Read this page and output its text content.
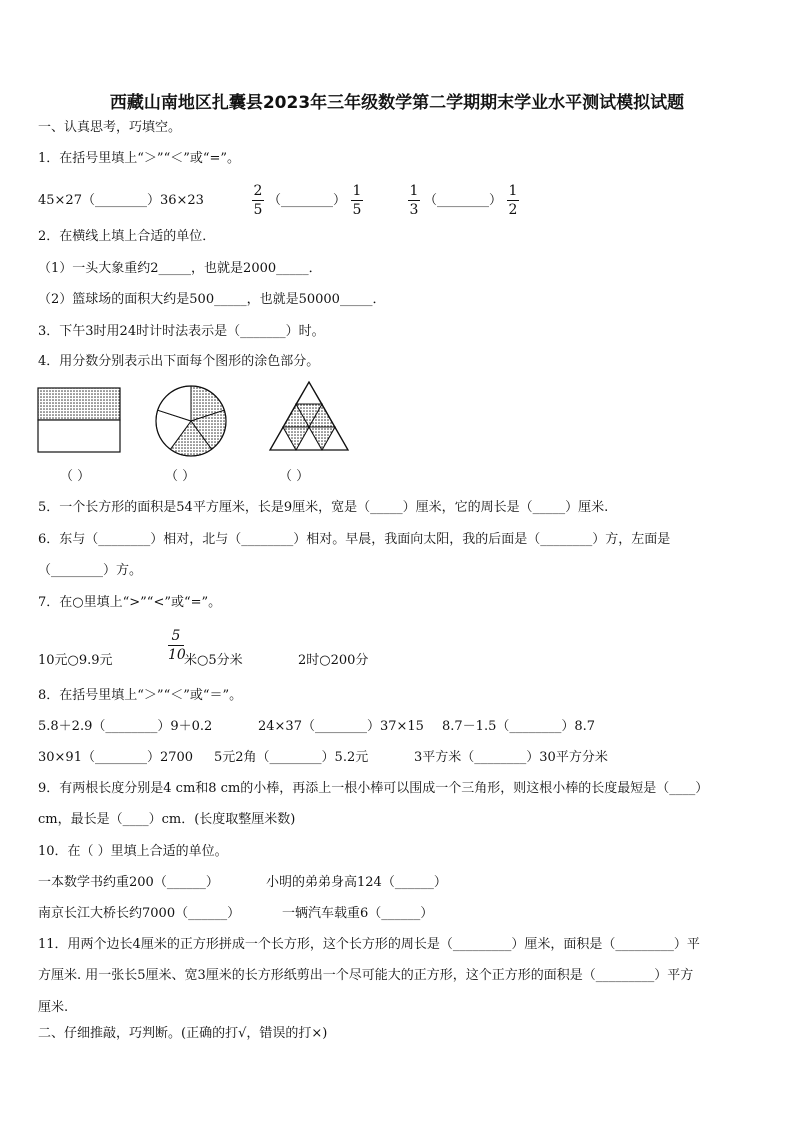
西藏山南地区扎囊县2023年三年级数学第二学期期末学业水平测试模拟试题
一、认真思考，巧填空。
1．在括号里填上“＞”“＜”或“=”。
45×27（________）36×23
2
5
（________）
1
5
1
3
（________）
1
2
2．在横线上填上合适的单位．
（1）一头大象重约2_____，也就是2000_____．
（2）篮球场的面积大约是500_____，也就是50000_____．
3．下午3时用24时计时法表示是（_______）时。
4．用分数分别表示出下面每个图形的涂色部分。
（ ）	（ ）	（ ）
5．一个长方形的面积是54平方厘米，长是9厘米，宽是（_____）厘米，它的周长是（_____）厘米.
6．东与（________）相对，北与（________）相对。早晨，我面向太阳，我的后面是（________）方，左面是
（________）方。
7．在○里填上“>”“<”或“=”。
10元○9.9元
5
10
米○5分米	2时○200分
8．在括号里填上“＞”“＜”或“＝”。
5.8＋2.9（________）9＋0.2	24×37（________）37×15 8.7－1.5（________）8.7
30×91（________）2700 5元2角（________）5.2元	3平方米（________）30平方分米
9．有两根长度分别是4 cm和8 cm的小棒，再添上一根小棒可以围成一个三角形，则这根小棒的长度最短是（____）
cm，最长是（____）cm．(长度取整厘米数)
10．在（ ）里填上合适的单位。
一本数学书约重200（______）	小明的弟弟身高124（______）
南京长江大桥长约7000（______）	一辆汽车载重6（______）
11．用两个边长4厘米的正方形拼成一个长方形，这个长方形的周长是（_________）厘米，面积是（_________）平
方厘米. 用一张长5厘米、宽3厘米的长方形纸剪出一个尽可能大的正方形，这个正方形的面积是（_________）平方
厘米.
二、仔细推敲，巧判断。(正确的打√，错误的打×)
